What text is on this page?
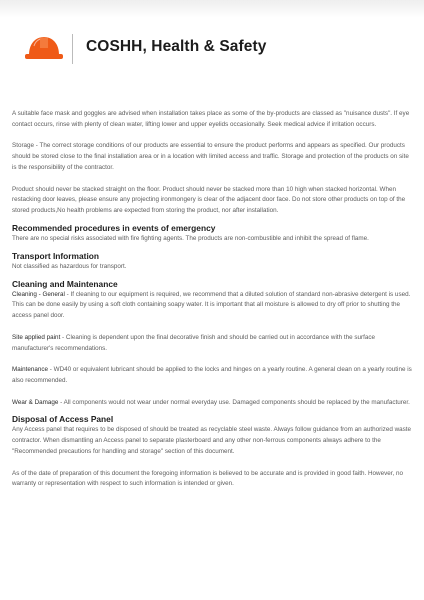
COSHH, Health & Safety

A suitable face mask and goggles are advised when installation takes place as some of the by-products are classed as "nuisance dusts". If eye contact occurs, rinse with plenty of clean water, lifting lower and upper eyelids occasionally. Seek medical advice if irritation occurs.

Storage - The correct storage conditions of our products are essential to ensure the product performs and appears as specified. Our products should be stored close to the final installation area or in a location with limited access and traffic. Storage and protection of the products on site is the responsibility of the contractor.

Product should never be stacked straight on the floor. Product should never be stacked more than 10 high when stacked horizontal. When restacking door leaves, please ensure any projecting ironmongery is clear of the adjacent door face. Do not store other products on top of the stored products,No health problems are expected from storing the product, nor after installation.

Recommended procedures in events of emergency

There are no special risks associated with fire fighting agents. The products are non-combustible and inhibit the spread of flame.

Transport Information

Not classified as hazardous for transport.

Cleaning and Maintenance

Cleaning - General - If cleaning to our equipment is required, we recommend that a diluted solution of standard non-abrasive detergent is used. This can be done easily by using a soft cloth containing soapy water. It is important that all moisture is allowed to dry off prior to shutting the access panel door.

Site applied paint - Cleaning is dependent upon the final decorative finish and should be carried out in accordance with the surface manufacturer's recommendations.

Maintenance - WD40 or equivalent lubricant should be applied to the locks and hinges on a yearly routine. A general clean on a yearly routine is also recommended.

Wear & Damage - All components would not wear under normal everyday use. Damaged components should be replaced by the manufacturer.

Disposal of Access Panel

Any Access panel that requires to be disposed of should be treated as recyclable steel waste. Always follow guidance from an authorized waste contractor. When dismantling an Access panel to separate plasterboard and any other non-ferrous components always adhere to the "Recommended precautions for handling and storage" section of this document.

As of the date of preparation of this document the foregoing information is believed to be accurate and is provided in good faith. However, no warranty or representation with respect to such information is intended or given.
